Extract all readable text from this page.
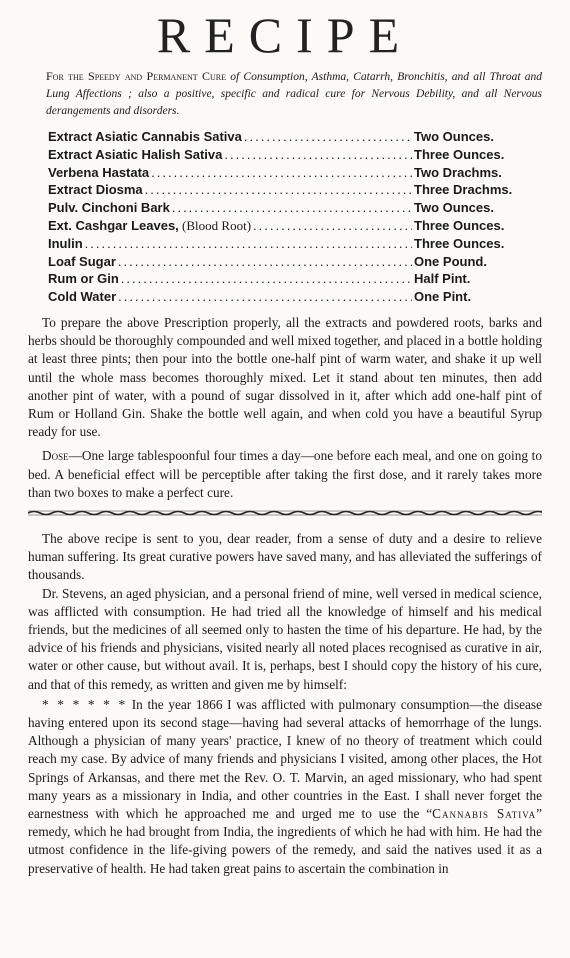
RECIPE
For the Speedy and Permanent Cure of Consumption, Asthma, Catarrh, Bronchitis, and all Throat and Lung Affections ; also a positive, specific and radical cure for Nervous Debility, and all Nervous derangements and disorders.
Extract Asiatic Cannabis Sativa .....	Two Ounces.
Extract Asiatic Halish Sativa .....	Three Ounces.
Verbena Hastata .....	Two Drachms.
Extract Diosma .....	Three Drachms.
Pulv. Cinchoni Bark .....	Two Ounces.
Ext. Cashgar Leaves, (Blood Root) .....	Three Ounces.
Inulin .....	Three Ounces.
Loaf Sugar .....	One Pound.
Rum or Gin .....	Half Pint.
Cold Water .....	One Pint.

To prepare the above Prescription properly, all the extracts and powdered roots, barks and herbs should be thoroughly compounded and well mixed together, and placed in a bottle holding at least three pints; then pour into the bottle one-half pint of warm water, and shake it up well until the whole mass becomes thoroughly mixed. Let it stand about ten minutes, then add another pint of water, with a pound of sugar dissolved in it, after which add one-half pint of Rum or Holland Gin. Shake the bottle well again, and when cold you have a beautiful Syrup ready for use.

Dose—One large tablespoonful four times a day—one before each meal, and one on going to bed. A beneficial effect will be perceptible after taking the first dose, and it rarely takes more than two boxes to make a perfect cure.

The above recipe is sent to you, dear reader, from a sense of duty and a desire to relieve human suffering. Its great curative powers have saved many, and has alleviated the sufferings of thousands.

Dr. Stevens, an aged physician, and a personal friend of mine, well versed in medical science, was afflicted with consumption. He had tried all the knowledge of himself and his medical friends, but the medicines of all seemed only to hasten the time of his departure. He had, by the advice of his friends and physicians, visited nearly all noted places recognised as curative in air, water or other cause, but without avail. It is, perhaps, best I should copy the history of his cure, and that of this remedy, as written and given me by himself:

* * * * * * In the year 1866 I was afflicted with pulmonary consumption—the disease having entered upon its second stage—having had several attacks of hemorrhage of the lungs. Although a physician of many years' practice, I knew of no theory of treatment which could reach my case. By advice of many friends and physicians I visited, among other places, the Hot Springs of Arkansas, and there met the Rev. O. T. Marvin, an aged missionary, who had spent many years as a missionary in India, and other countries in the East. I shall never forget the earnestness with which he approached me and urged me to use the “Cannabis Sativa” remedy, which he had brought from India, the ingredients of which he had with him. He had the utmost confidence in the life-giving powers of the remedy, and said the natives used it as a preservative of health. He had taken great pains to ascertain the combination in
